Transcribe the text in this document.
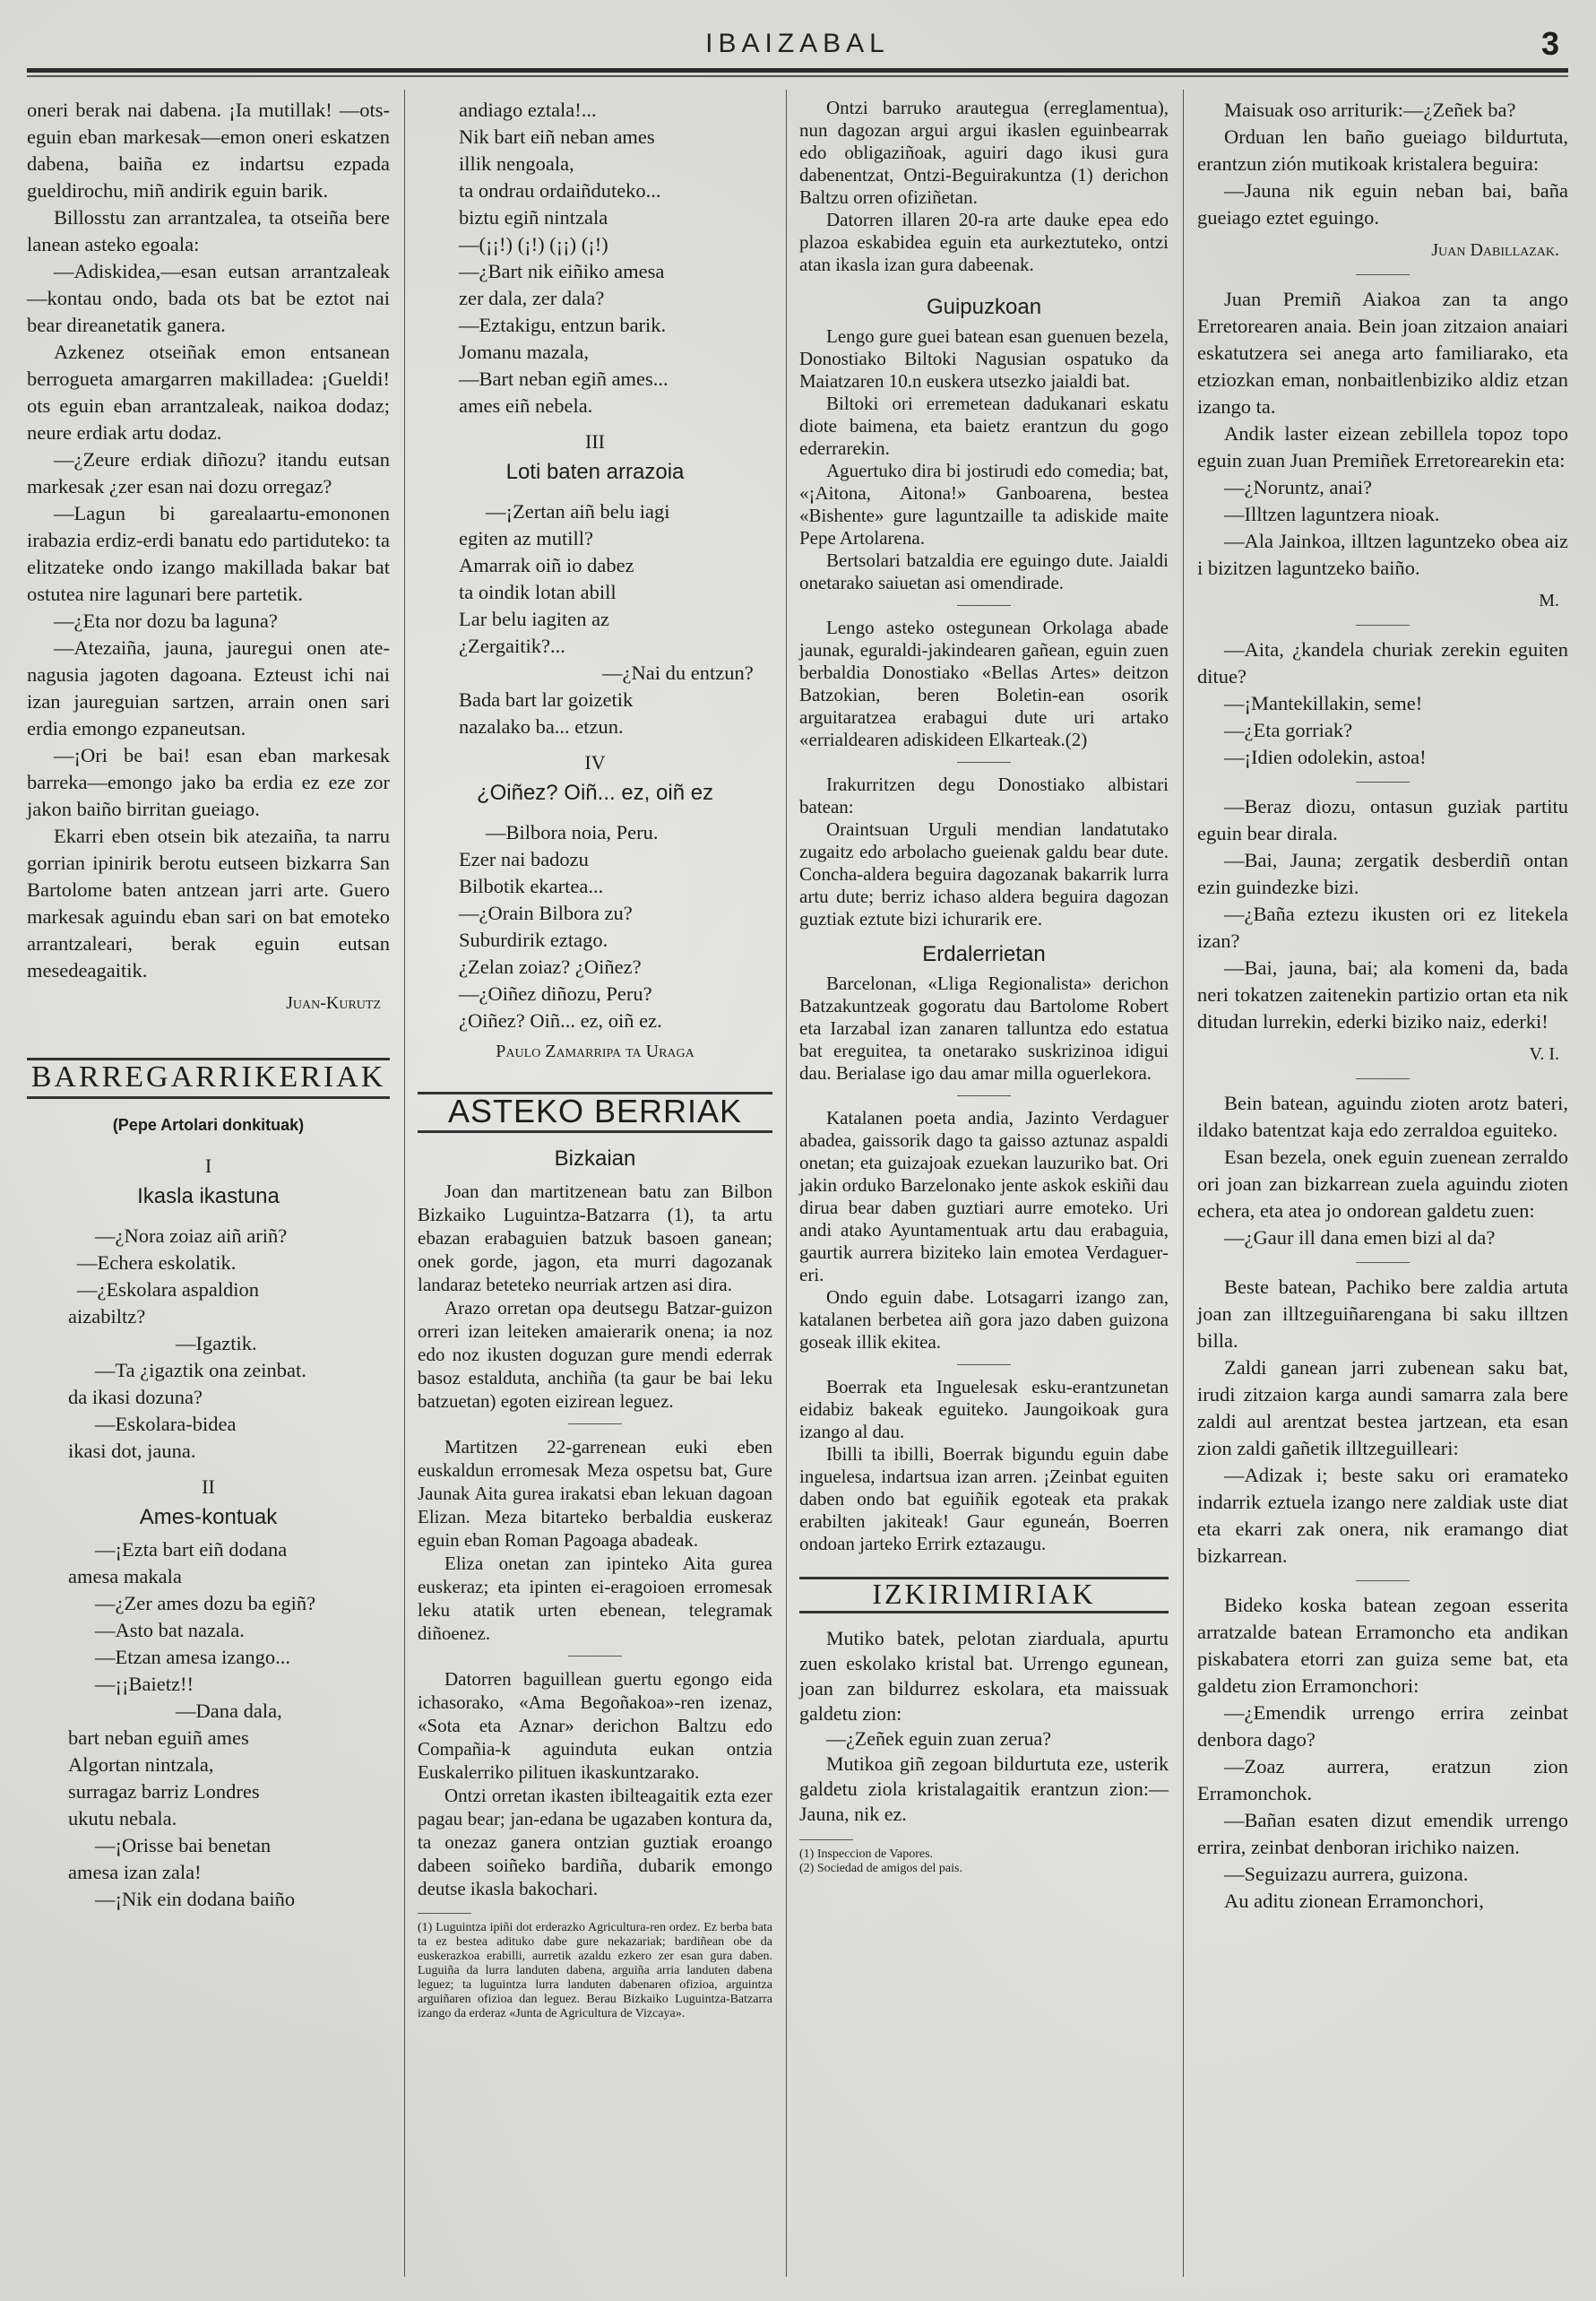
IBAIZABAL	3

oneri berak nai dabena. ¡Ia mutillak! —ots-eguin eban markesak—emon oneri eskatzen dabena, baiña ez indartsu ezpada gueldirochu, miñ andirik eguin barik.

Billosstu zan arrantzalea, ta otseiña bere lanean asteko egoala:

—Adiskidea,—esan eutsan arrantzaleak—kontau ondo, bada ots bat be eztot nai bear direanetatik ganera.

Azkenez otseiñak emon entsanean berrogueta amargarren makilladea: ¡Gueldi! ots eguin eban arrantzaleak, naikoa dodaz; neure erdiak artu dodaz.

—¿Zeure erdiak diñozu? itandu eutsan markesak ¿zer esan nai dozu orregaz?

—Lagun bi garealaartu-emononen irabazia erdiz-erdi banatu edo partiduteko: ta elitzateke ondo izango makillada bakar bat ostutea nire lagunari bere partetik.

—¿Eta nor dozu ba laguna?

—Atezaiña, jauna, jauregui onen ate-nagusia jagoten dagoana. Ezteust ichi nai izan jaureguian sartzen, arrain onen sari erdia emongo ezpaneutsan.

—¡Ori be bai! esan eban markesak barreka—emongo jako ba erdia ez eze zor jakon baiño birritan gueiago.

Ekarri eben otsein bik atezaiña, ta narru gorrian ipinirik berotu eutseen bizkarra San Bartolome baten antzean jarri arte. Guero markesak aguindu eban sari on bat emoteko arrantzaleari, berak eguin eutsan mesedeagaitik.

Juan-Kurutz
BARREGARRIKERIAK
(Pepe Artolari donkituak)
I
Ikasla ikastuna

—¿Nora zoiaz aiñ ariñ?

—Echera eskolatik.

—¿Eskolara aspaldion

aizabiltz?

—Igaztik.

—Ta ¿igaztik ona zeinbat.

da ikasi dozuna?

—Eskolara-bidea

ikasi dot, jauna.

II
Ames-kontuak

—¡Ezta bart eiñ dodana

amesa makala

—¿Zer ames dozu ba egiñ?

—Asto bat nazala.

—Etzan amesa izango...

—¡¡Baietz!!

—Dana dala,

bart neban eguiñ ames

Algortan nintzala,

surragaz barriz Londres

ukutu nebala.

—¡Orisse bai benetan

amesa izan zala!

—¡Nik ein dodana baiño

andiago eztala!...

Nik bart eiñ neban ames

illik nengoala,

ta ondrau ordaiñduteko...

biztu egiñ nintzala

—(¡¡!) (¡!) (¡¡) (¡!)

—¿Bart nik eiñiko amesa

zer dala, zer dala?

—Eztakigu, entzun barik.

Jomanu mazala,

—Bart neban egiñ ames...

ames eiñ nebela.

III
Loti baten arrazoia

—¡Zertan aiñ belu iagi

egiten az mutill?

Amarrak oiñ io dabez

ta oindik lotan abill

Lar belu iagiten az

¿Zergaitik?...

—¿Nai du entzun?

Bada bart lar goizetik

nazalako ba... etzun.

IV
¿Oiñez? Oiñ... ez, oiñ ez

—Bilbora noia, Peru.

Ezer nai badozu

Bilbotik ekartea...

—¿Orain Bilbora zu?

Suburdirik eztago.

¿Zelan zoiaz? ¿Oiñez?

—¿Oiñez diñozu, Peru?

¿Oiñez? Oiñ... ez, oiñ ez.

Paulo Zamarripa ta Uraga
ASTEKO BERRIAK
Bizkaian

Joan dan martitzenean batu zan Bilbon Bizkaiko Luguintza-Batzarra (1), ta artu ebazan erabaguien batzuk basoen ganean; onek gorde, jagon, eta murri dagozanak landaraz beteteko neurriak artzen asi dira.

Arazo orretan opa deutsegu Batzar-guizon orreri izan leiteken amaierarik onena; ia noz edo noz ikusten doguzan gure mendi ederrak basoz estalduta, anchiña (ta gaur be bai leku batzuetan) egoten eizirean leguez.

Martitzen 22-garrenean euki eben euskaldun erromesak Meza ospetsu bat, Gure Jaunak Aita gurea irakatsi eban lekuan dagoan Elizan. Meza bitarteko berbaldia euskeraz eguin eban Roman Pagoaga abadeak.

Eliza onetan zan ipinteko Aita gurea euskeraz; eta ipinten ei-eragoioen erromesak leku atatik urten ebenean, telegramak diñoenez.

Datorren baguillean guertu egongo eida ichasorako, «Ama Begoñakoa»-ren izenaz, «Sota eta Aznar» derichon Baltzu edo Compañia-k aguinduta eukan ontzia Euskalerriko pilituen ikaskuntzarako.

Ontzi orretan ikasten ibilteagaitik ezta ezer pagau bear; jan-edana be ugazaben kontura da, ta onezaz ganera ontzian guztiak eroango dabeen soiñeko bardiña, dubarik emongo deutse ikasla bakochari.

(1) Luguintza ipiñi dot erderazko Agricultura-ren ordez. Ez berba bata ta ez bestea adituko dabe gure nekazariak; bardiñean obe da euskerazkoa erabilli, aurretik azaldu ezkero zer esan gura daben. Luguiña da lurra landuten dabena, arguiña arria landuten dabena leguez; ta luguintza lurra landuten dabenaren ofizioa, arguintza arguiñaren ofizioa dan leguez. Berau Bizkaiko Luguintza-Batzarra izango da erderaz «Junta de Agricultura de Vizcaya».

Ontzi barruko arautegua (erreglamentua), nun dagozan argui argui ikaslen eguinbearrak edo obligaziñoak, aguiri dago ikusi gura dabenentzat, Ontzi-Beguirakuntza (1) derichon Baltzu orren ofiziñetan.

Datorren illaren 20-ra arte dauke epea edo plazoa eskabidea eguin eta aurkeztuteko, ontzi atan ikasla izan gura dabeenak.

Guipuzkoan

Lengo gure guei batean esan guenuen bezela, Donostiako Biltoki Nagusian ospatuko da Maiatzaren 10.n euskera utsezko jaialdi bat.

Biltoki ori erremetean dadukanari eskatu diote baimena, eta baietz erantzun du gogo ederrarekin.

Aguertuko dira bi jostirudi edo comedia; bat, «¡Aitona, Aitona!» Ganboarena, bestea «Bishente» gure laguntzaille ta adiskide maite Pepe Artolarena.

Bertsolari batzaldia ere eguingo dute. Jaialdi onetarako saiuetan asi omendirade.

Lengo asteko ostegunean Orkolaga abade jaunak, eguraldi-jakindearen gañean, eguin zuen berbaldia Donostiako «Bellas Artes» deitzon Batzokian, beren Boletin-ean osorik arguitaratzea erabagui dute uri artako «errialdearen adiskideen Elkarteak.(2)

Irakurritzen degu Donostiako albistari batean:

Oraintsuan Urguli mendian landatutako zugaitz edo arbolacho gueienak galdu bear dute. Concha-aldera beguira dagozanak bakarrik lurra artu dute; berriz ichaso aldera beguira dagozan guztiak eztute bizi ichurarik ere.

Erdalerrietan

Barcelonan, «Lliga Regionalista» derichon Batzakuntzeak gogoratu dau Bartolome Robert eta Iarzabal izan zanaren talluntza edo estatua bat ereguitea, ta onetarako suskrizinoa idigui dau. Berialase igo dau amar milla oguerlekora.

Katalanen poeta andia, Jazinto Verdaguer abadea, gaissorik dago ta gaisso aztunaz aspaldi onetan; eta guizajoak ezuekan lauzuriko bat. Ori jakin orduko Barzelonako jente askok eskiñi dau diruа bear daben guztiari aurre emoteko. Uri andi atako Ayuntamentuak artu dau erabaguia, gaurtik aurrera biziteko lain emotea Verdaguer-eri.

Ondo eguin dabe. Lotsagarri izango zan, katalanen berbetea aiñ gora jazo daben guizona goseak illik ekitea.

Boerrak eta Inguelesak esku-erantzunetan eidabiz bakeak eguiteko. Jaungoikoak gura izango al dau.

Ibilli ta ibilli, Boerrak bigundu eguin dabe inguelesa, indartsua izan arren. ¡Zeinbat eguiten daben ondo bat eguiñik egoteak eta prakak erabilten jakiteak! Gaur eguneán, Boerren ondoan jarteko Errirk eztazaugu.

IZKIRIMIRIAK

Mutiko batek, pelotan ziarduala, apurtu zuen eskolako kristal bat. Urrengo egunean, joan zan bildurrez eskolara, eta maissuak galdetu zion:

—¿Zeñek eguin zuan zerua?

Mutikoa giñ zegoan bildurtuta eze, usterik galdetu ziola kristalagaitik erantzun zion:—Jauna, nik ez.

(1) Inspeccion de Vapores.

(2) Sociedad de amigos del pais.

Maisuak oso arriturik:—¿Zeñek ba?

Orduan len baño gueiago bildurtuta, erantzun zión mutikoak kristalera beguira:

—Jauna nik eguin neban bai, baña gueiago eztet eguingo.

Juan Dabillazak.

Juan Premiñ Aiakoa zan ta ango Erretorearen anaia. Bein joan zitzaion anaiari eskatutzera sei anega arto familiarako, eta etziozkan eman, nonbaitlenbiziko aldiz etzan izango ta.

Andik laster eizean zebillela topoz topo eguin zuan Juan Premiñek Erretorearekin eta:

—¿Noruntz, anai?

—Illtzen laguntzera nioak.

—Ala Jainkoa, illtzen laguntzeko obea aiz i bizitzen laguntzeko baiño.

M.

—Aita, ¿kandela churiak zerekin eguiten ditue?

—¡Mantekillakin, seme!

—¿Eta gorriak?

—¡Idien odolekin, astoa!

—Beraz diozu, ontasun guziak partitu eguin bear dirala.

—Bai, Jauna; zergatik desberdiñ ontan ezin guindezke bizi.

—¿Baña eztezu ikusten ori ez litekela izan?

—Bai, jauna, bai; ala komeni da, bada neri tokatzen zaitenekin partizio ortan eta nik ditudan lurrekin, ederki biziko naiz, ederki!

V. I.

Bein batean, aguindu zioten arotz bateri, ildako batentzat kaja edo zerraldoa eguiteko.

Esan bezela, onek eguin zuenean zerraldo ori joan zan bizkarrean zuela aguindu zioten echera, eta atea jo ondorean galdetu zuen:

—¿Gaur ill dana emen bizi al da?

Beste batean, Pachiko bere zaldia artuta joan zan illtzeguiñarengana bi saku illtzen billa.

Zaldi ganean jarri zubenean saku bat, irudi zitzaion karga aundi samarra zala bere zaldi aul arentzat bestea jartzean, eta esan zion zaldi gañetik illtzeguilleari:

—Adizak i; beste saku ori eramateko indarrik eztuela izango nere zaldiak uste diat eta ekarri zak onera, nik eramango diat bizkarrean.

Bideko koska batean zegoan esserita arratzalde batean Erramoncho eta andikan piskabatera etorri zan guiza seme bat, eta galdetu zion Erramonchori:

—¿Emendik urrengo errira zeinbat denbora dago?

—Zoaz aurrera, eratzun zion Erramonchok.

—Bañan esaten dizut emendik urrengo errira, zeinbat denboran irichiko naizen.

—Seguizazu aurrera, guizona.

Au aditu zionean Erramonchori,
